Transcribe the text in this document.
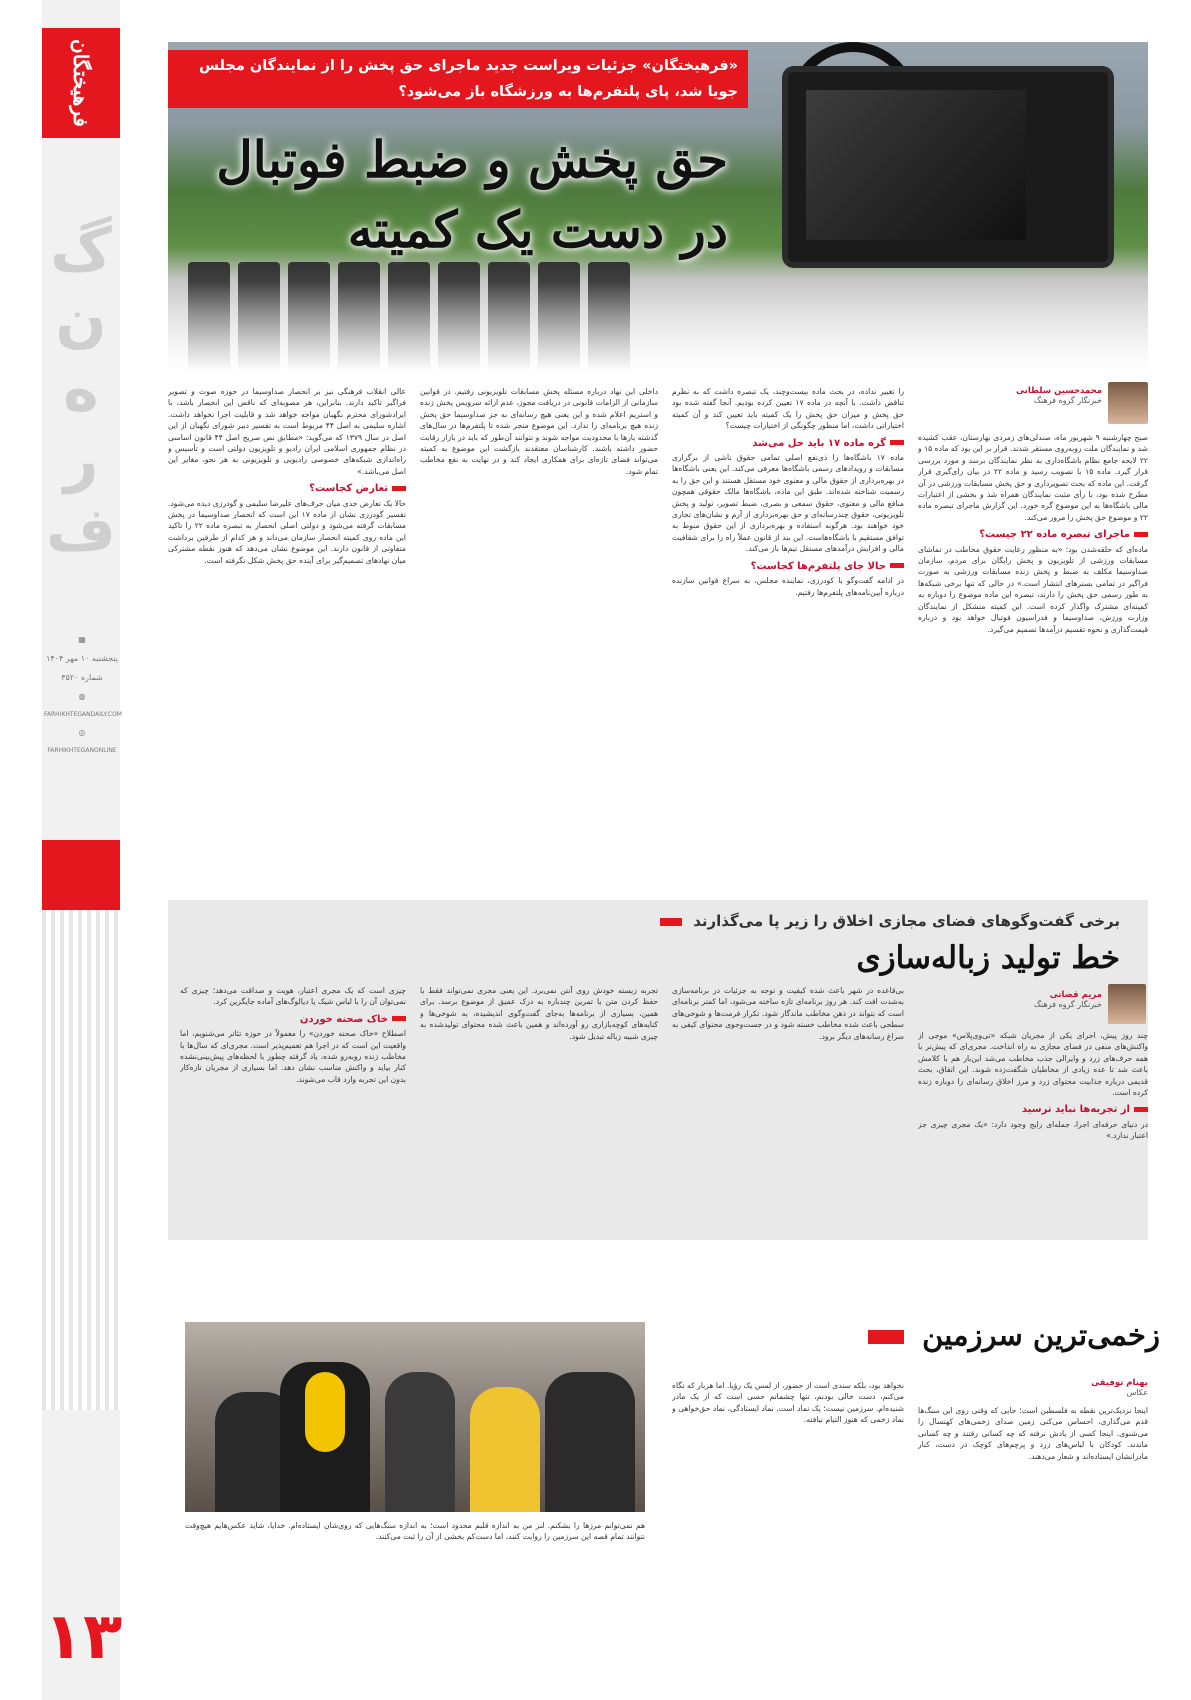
فرهیختگان
فرهنگ
▦
پنجشنبه ۱۰ مهر ۱۴۰۴
شماره ۴۵۲۰
◍
FARHIKHTEGANDAILY.COM
◎
FARHIKHTEGANONLINE
۱۳
«فرهیختگان» جزئیات ویراست جدید ماجرای حق پخش را از نمایندگان مجلس جویا شد، پای پلتفرم‌ها به ورزشگاه باز می‌شود؟
حق پخش و ضبط فوتبال
در دست یک کمیته
محمدحسین سلطانی
خبرنگار گروه فرهنگ

صبح چهارشنبه ۹ شهریور ماه، صندلی‌های زمردی بهارستان، عقب کشیده شد و نمایندگان ملت روبه‌روی مستقر شدند. قرار بر این بود که ماده ۱۵ و ۲۲ لایحه جامع نظام باشگاه‌داری به نظر نمایندگان برسد و مورد بررسی قرار گیرد. ماده ۱۵ با تصویب رسید و ماده ۲۲ در بیان رای‌گیری قرار گرفت. این ماده که بحث تصویرداری و حق پخش مسابقات ورزشی در آن مطرح شده بود، با رأی مثبت نمایندگان همراه شد و بخشی از اعتبارات مالی باشگاه‌ها به این موضوع گره خورد. این گزارش ماجرای تبصره ماده ۲۲ و موضوع حق پخش را مرور می‌کند.

ماجرای تبصره ماده ۲۲ چیست؟

ماده‌ای که حلقه‌شدن بود: «به منظور رعایت حقوق مخاطب در تماشای مسابقات ورزشی از تلویزیون و پخش رایگان برای مردم، سازمان صداوسیما مکلف به ضبط و پخش زنده مسابقات ورزشی به صورت فراگیر در تمامی بسترهای انتشار است.» در حالی که تنها برخی شبکه‌ها به طور رسمی حق پخش را دارند، تبصره این ماده موضوع را دوباره به کمیته‌ای مشترک واگذار کرده است. این کمیته متشکل از نمایندگان وزارت ورزش، صداوسیما و فدراسیون فوتبال خواهد بود و درباره قیمت‌گذاری و نحوه تقسیم درآمدها تصمیم می‌گیرد.

را تغییر نداده، در بحث ماده بیست‌وچند، یک تبصره داشت که به نظرم تناقض داشت. با آنچه در ماده ۱۷ تعیین کرده بودیم. آنجا گفته شده بود حق پخش و میزان حق پخش را یک کمیته باید تعیین کند و آن کمیته اختیاراتی داشت، اما منظور چگونگی از اختیارات چیست؟

گره ماده ۱۷ باید حل می‌شد

ماده ۱۷ باشگاه‌ها را ذی‌نفع اصلی تمامی حقوق ناشی از برگزاری مسابقات و رویدادهای رسمی باشگاه‌ها معرفی می‌کند. این یعنی باشگاه‌ها در بهره‌برداری از حقوق مالی و معنوی خود مستقل هستند و این حق را به رسمیت شناخته شده‌اند. طبق این ماده، باشگاه‌ها مالک حقوقی همچون منافع مالی و معنوی، حقوق سمعی و بصری، ضبط تصویر، تولید و پخش تلویزیونی، حقوق چندرسانه‌ای و حق بهره‌برداری از آرم و نشان‌های تجاری خود خواهند بود. هرگونه استفاده و بهره‌برداری از این حقوق منوط به توافق مستقیم با باشگاه‌هاست. این بند از قانون عملاً راه را برای شفافیت مالی و افزایش درآمدهای مستقل تیم‌ها باز می‌کند.

حالا جای پلتفرم‌ها کجاست؟

در ادامه گفت‌وگو با کودرزی، نماینده مجلس، به سراغ قوانین سازنده درباره آیین‌نامه‌های پلتفرم‌ها رفتیم.

داخلی این نهاد درباره مسئله پخش مسابقات تلویزیونی رفتیم. در قوانین سازمانی از الزامات قانونی در دریافت مجوز، عدم ارائه سرویس پخش زنده و استریم اعلام شده و این یعنی هیچ رسانه‌ای به جز صداوسیما حق پخش زنده هیچ برنامه‌ای را ندارد. این موضوع منجر شده تا پلتفرم‌ها در سال‌های گذشته بارها با محدودیت مواجه شوند و نتوانند آن‌طور که باید در بازار رقابت حضور داشته باشند. کارشناسان معتقدند بازگشت این موضوع به کمیته می‌تواند فضای تازه‌ای برای همکاری ایجاد کند و در نهایت به نفع مخاطب تمام شود.

عالی انقلاب فرهنگی نیز بر انحصار صداوسیما در حوزه صوت و تصویر فراگیر تاکید دارند. بنابراین، هر مصوبه‌ای که ناقض این انحصار باشد، با ایرادشورای محترم نگهبان مواجه خواهد شد و قابلیت اجرا نخواهد داشت. اشاره سلیمی به اصل ۴۴ مربوط است به تفسیر دبیر شورای نگهبان از این اصل در سال ۱۳۷۹ که می‌گوید: «مطابق نص صریح اصل ۴۴ قانون اساسی در نظام جمهوری اسلامی ایران رادیو و تلویزیون دولتی است و تأسیس و راه‌اندازی شبکه‌های خصوصی رادیویی و تلویزیونی به هر نحو، مغایر این اصل می‌باشد.»

تعارض کجاست؟

حالا یک تعارض جدی میان حرف‌های علیرضا سلیمی و گودرزی دیده می‌شود. تفسیر گودرزی نشان از ماده ۱۷ این است که انحصار صداوسیما در پخش مسابقات گرفته می‌شود و دولتی اصلی انحصار به تبصره ماده ۲۲ را تاکید این ماده روی کمیته انحصار سازمان می‌داند و هر کدام از طرفین برداشت متفاوتی از قانون دارند. این موضوع نشان می‌دهد که هنوز نقطه مشترکی میان نهادهای تصمیم‌گیر برای آینده حق پخش شکل نگرفته است.

برخی گفت‌وگوهای فضای مجازی اخلاق را زیر پا می‌گذارند
خط تولید زباله‌سازی
مریم قضاتی
خبرنگار گروه فرهنگ

چند روز پیش، اجرای یکی از مجریان شبکه «تی‌وی‌پلاس» موجی از واکنش‌های منفی در فضای مجازی به راه انداخت. مجری‌ای که پیش‌تر با همه حرف‌های زرد و وایرالی جذب مخاطب می‌شد این‌بار هم با کلامش باعث شد تا عده زیادی از مخاطبان شگفت‌زده شوند. این اتفاق، بحث قدیمی درباره جذابیت محتوای زرد و مرز اخلاق رسانه‌ای را دوباره زنده کرده است.

از تجربه‌ها نباید ترسید

در دنیای حرفه‌ای اجرا، جمله‌ای رایج وجود دارد: «یک مجری چیزی جز اعتبار ندارد.»

بی‌قاعده در شهر باعث شده کیفیت و توجه به جزئیات در برنامه‌سازی به‌شدت افت کند. هر روز برنامه‌ای تازه ساخته می‌شود، اما کمتر برنامه‌ای است که بتواند در ذهن مخاطب ماندگار شود. تکرار فرمت‌ها و شوخی‌های سطحی باعث شده مخاطب خسته شود و در جست‌وجوی محتوای کیفی به سراغ رسانه‌های دیگر برود.

تجربه زیسته خودش روی آنتن نمی‌برد. این یعنی مجری نمی‌تواند فقط با حفظ کردن متن یا تمرین چندباره به درک عمیق از موضوع برسد. برای همین، بسیاری از برنامه‌ها به‌جای گفت‌وگوی اندیشیده، به شوخی‌ها و کنایه‌های کوچه‌بازاری رو آورده‌اند و همین باعث شده محتوای تولیدشده به چیزی شبیه زباله تبدیل شود.

چیزی است که یک مجری اعتبار، هویت و صداقت می‌دهد؛ چیزی که نمی‌توان آن را با لباس شیک یا دیالوگ‌های آماده جایگزین کرد.

خاک صحنه خوردن

اصطلاح «خاک صحنه خوردن» را معمولاً در حوزه تئاتر می‌شنویم، اما واقعیت این است که در اجرا هم تعمیم‌پذیر است. مجری‌ای که سال‌ها با مخاطب زنده روبه‌رو شده، یاد گرفته چطور با لحظه‌های پیش‌بینی‌نشده کنار بیاید و واکنش مناسب نشان دهد. اما بسیاری از مجریان تازه‌کار بدون این تجربه وارد قاب می‌شوند.

زخمی‌ترین سرزمین
بهنام توفیقی
عکاس

اینجا نزدیک‌ترین نقطه به فلسطین است؛ جایی که وقتی روی این سنگ‌ها قدم می‌گذاری، احساس می‌کنی زمین صدای زخمی‌های کهنسال را می‌شنوی. اینجا کسی از یادش نرفته که چه کسانی رفتند و چه کسانی ماندند. کودکان با لباس‌های زرد و پرچم‌های کوچک در دست، کنار مادرانشان ایستاده‌اند و شعار می‌دهند.

نخواهد بود، بلکه سندی است از حضور، از لمس یک رؤیا. اما هربار که نگاه می‌کنم، دست خالی بودنم، تنها چشمانم حسی است که از یک مادر شنیده‌ام. سرزمین نیست؛ یک نماد است. نماد ایستادگی، نماد حق‌خواهی و نماد زخمی که هنوز التیام نیافته.

هم نمی‌توانم مرزها را بشکنم. لنز من به اندازه قلبم محدود است؛ به اندازه سنگ‌هایی که روی‌شان ایستاده‌ام. خدایا، شاید عکس‌هایم هیچ‌وقت نتوانند تمام قصه این سرزمین را روایت کنند، اما دست‌کم بخشی از آن را ثبت می‌کنند.
